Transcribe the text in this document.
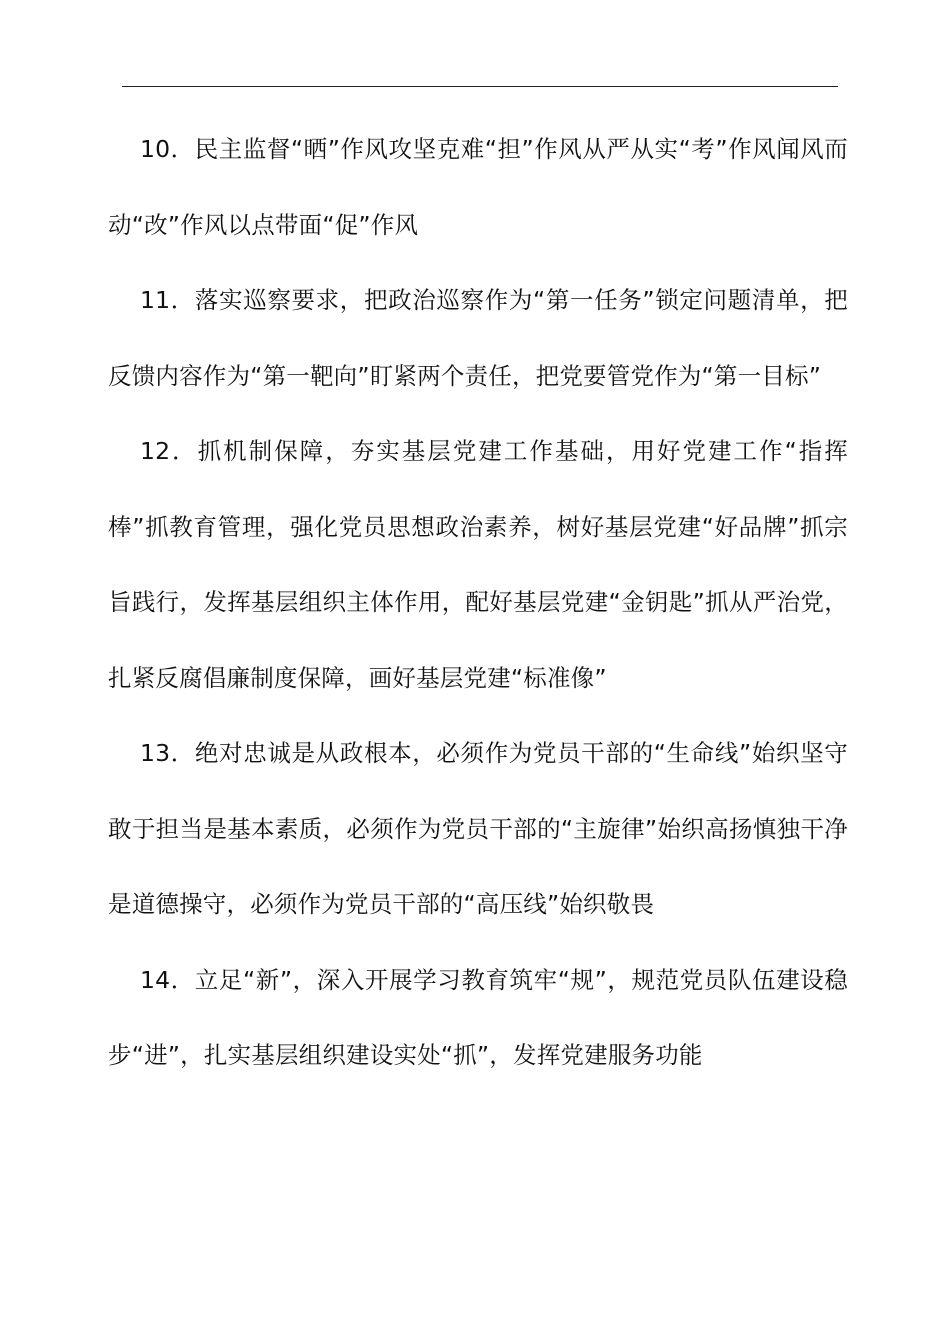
10．民主监督“晒”作风攻坚克难“担”作风从严从实“考”作风闻风而动“改”作风以点带面“促”作风

11．落实巡察要求，把政治巡察作为“第一任务”锁定问题清单，把反馈内容作为“第一靶向”盯紧两个责任，把党要管党作为“第一目标”

12．抓机制保障，夯实基层党建工作基础，用好党建工作“指挥棒”抓教育管理，强化党员思想政治素养，树好基层党建“好品牌”抓宗旨践行，发挥基层组织主体作用，配好基层党建“金钥匙”抓从严治党，扎紧反腐倡廉制度保障，画好基层党建“标准像”

13．绝对忠诚是从政根本，必须作为党员干部的“生命线”始织坚守敢于担当是基本素质，必须作为党员干部的“主旋律”始织高扬慎独干净是道德操守，必须作为党员干部的“高压线”始织敬畏

14．立足“新”，深入开展学习教育筑牢“规”，规范党员队伍建设稳步“进”，扎实基层组织建设实处“抓”，发挥党建服务功能
